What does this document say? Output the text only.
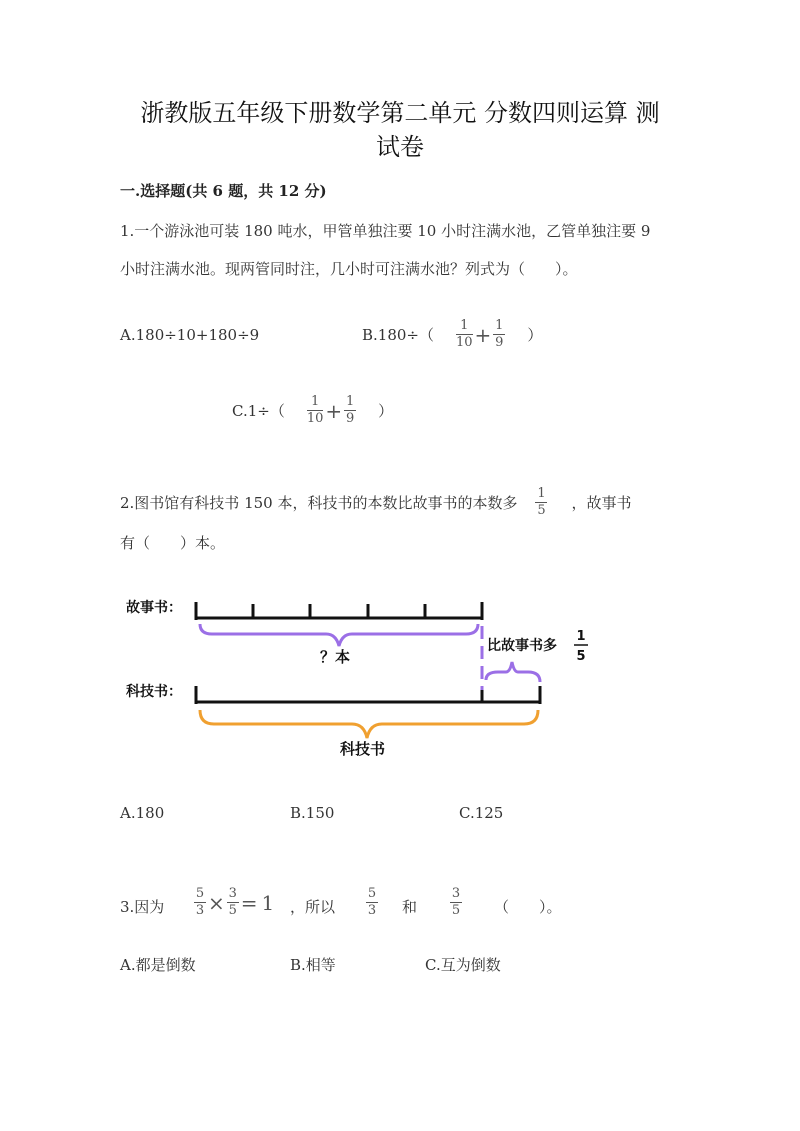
浙教版五年级下册数学第二单元 分数四则运算 测
试卷
一.选择题(共 6 题，共 12 分)
1.一个游泳池可装 180 吨水，甲管单独注要 10 小时注满水池，乙管单独注要 9
小时注满水池。现两管同时注，几小时可注满水池？列式为（　　）。
A.180÷10+180÷9	$B.180\div( \frac{1}{10} + \frac{1}{9}$ ）
$C.1\div( \frac{1}{10} + \frac{1}{9}$ ）
2.图书馆有科技书 150 本，科技书的本数比故事书的本数多 $\frac{1}{5}$ ，故事书
有（　　）本。
故事书：
科技书：
？本
比故事书多
1
5
科技书
A.180	B.150	C.125
3.因为 $\frac{5}{3} \times \frac{3}{5} = 1$ ，所以 $\frac{5}{3}$ 和	$\frac{3}{5}$ （　　）。
A.都是倒数	B.相等	C.互为倒数
